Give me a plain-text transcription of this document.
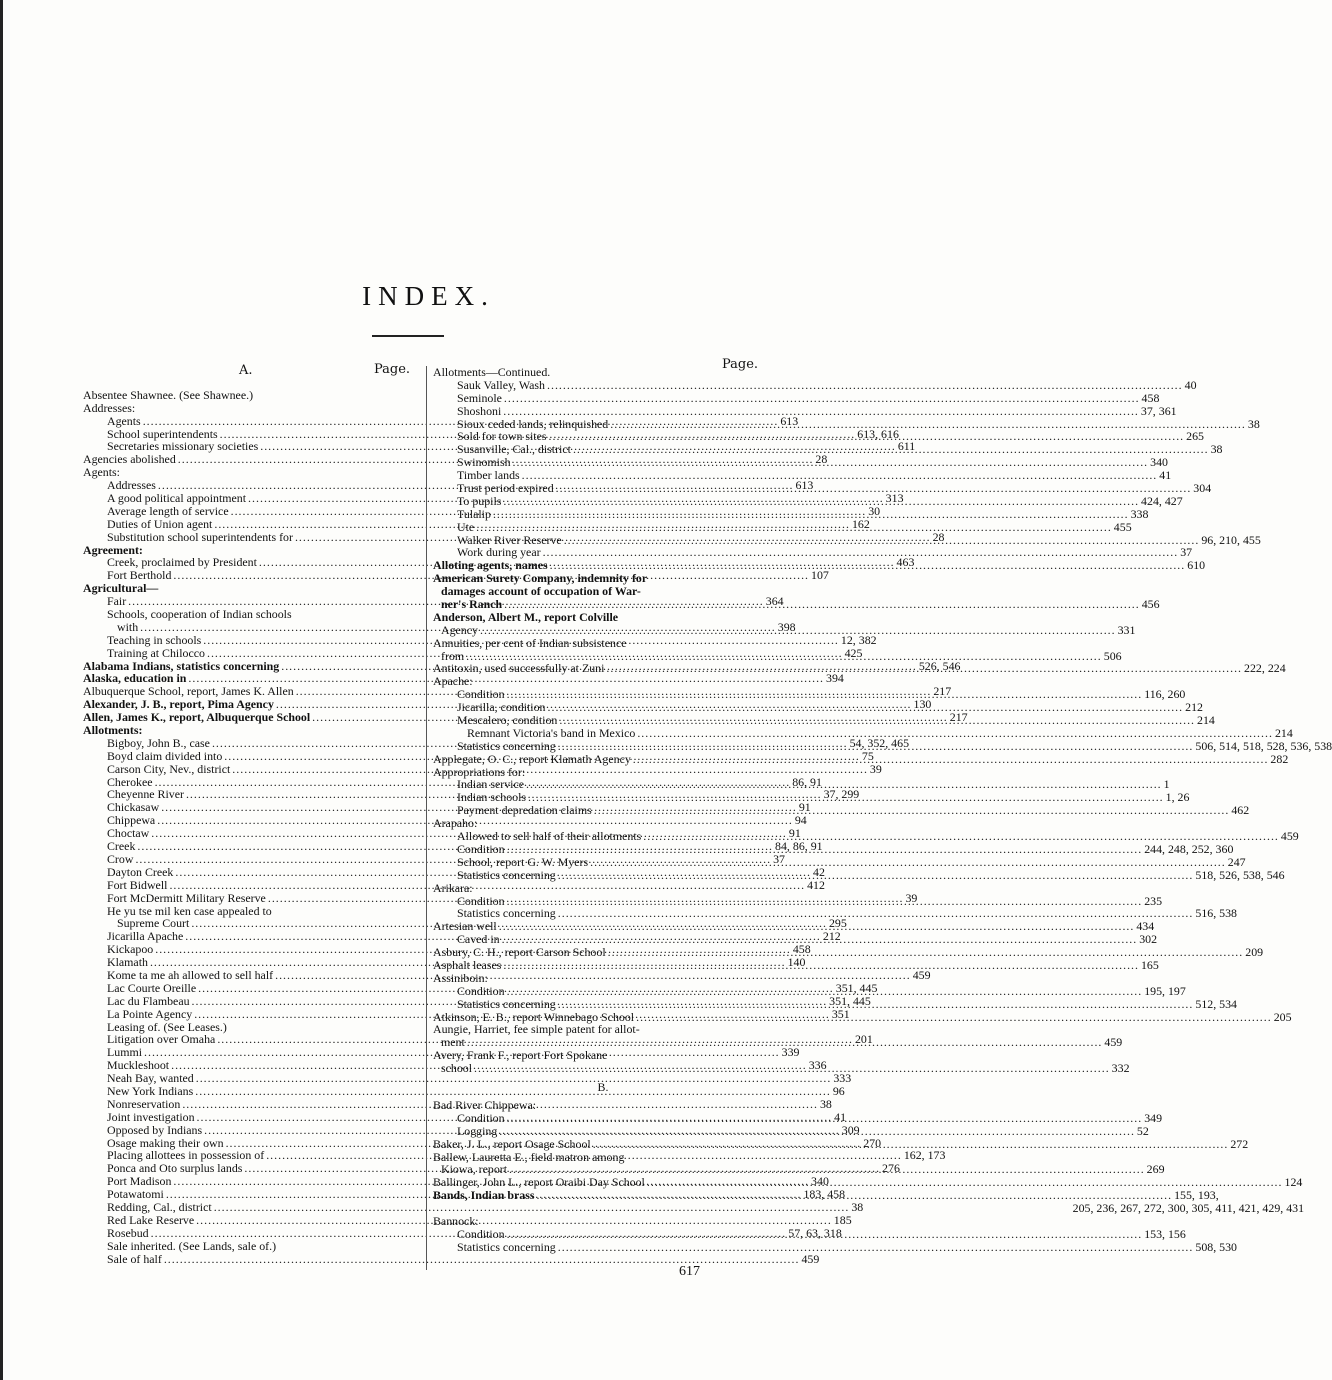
INDEX.
A.	Page.	Page.
Absentee Shawnee. (See Shawnee.)
Addresses:
Agents .....	613
School superintendents .....	613, 616
Secretaries missionary societies .....	611
Agencies abolished .....	28
Agents:
Addresses .....	613
A good political appointment .....	313
Average length of service .....	30
Duties of Union agent .....	162
Substitution school superintendents for .....	28
Agreement:
Creek, proclaimed by President .....	463
Fort Berthold .....	107
Agricultural—
Fair .....	364
Schools, cooperation of Indian schools
with .....	398
Teaching in schools .....	12, 382
Training at Chilocco .....	425
Alabama Indians, statistics concerning .....	526, 546
Alaska, education in .....	394
Albuquerque School, report, James K. Allen .....	217
Alexander, J. B., report, Pima Agency .....	130
Allen, James K., report, Albuquerque School .....	217
Allotments:
Bigboy, John B., case .....	54, 352, 465
Boyd claim divided into .....	75
Carson City, Nev., district .....	39
Cherokee .....	86, 91
Cheyenne River .....	37, 299
Chickasaw .....	91
Chippewa .....	94
Choctaw .....	91
Creek .....	84, 86, 91
Crow .....	37
Dayton Creek .....	42
Fort Bidwell .....	412
Fort McDermitt Military Reserve .....	39
He yu tse mil ken case appealed to
Supreme Court .....	295
Jicarilla Apache .....	212
Kickapoo .....	458
Klamath .....	140
Kome ta me ah allowed to sell half .....	459
Lac Courte Oreille .....	351, 445
Lac du Flambeau .....	351, 445
La Pointe Agency .....	351
Leasing of. (See Leases.)
Litigation over Omaha .....	201
Lummi .....	339
Muckleshoot .....	336
Neah Bay, wanted .....	333
New York Indians .....	96
Nonreservation .....	38
Joint investigation .....	41
Opposed by Indians .....	309
Osage making their own .....	270
Placing allottees in possession of .....	162, 173
Ponca and Oto surplus lands .....	276
Port Madison .....	340
Potawatomi .....	183, 458
Redding, Cal., district .....	38
Red Lake Reserve .....	185
Rosebud .....	57, 63, 318
Sale inherited. (See Lands, sale of.)
Sale of half .....	459
Allotments—Continued.
Sauk Valley, Wash .....	40
Seminole .....	458
Shoshoni .....	37, 361
Sioux ceded lands, relinquished .....	38
Sold for town sites .....	265
Susanville, Cal., district .....	38
Swinomish .....	340
Timber lands .....	41
Trust period expired .....	304
To pupils .....	424, 427
Tulalip .....	338
Ute .....	455
Walker River Reserve .....	96, 210, 455
Work during year .....	37
Alloting agents, names .....	610
American Surety Company, indemnity for
damages account of occupation of War-
ner's Ranch .....	456
Anderson, Albert M., report Colville
Agency .....	331
Annuities, per cent of Indian subsistence
from .....	506
Antitoxin, used successfully at Zuni .....	222, 224
Apache:
Condition .....	116, 260
Jicarilla, condition .....	212
Mescalero, condition .....	214
Remnant Victoria's band in Mexico .....	214
Statistics concerning .....	506, 514, 518, 528, 536, 538
Applegate, O. C., report Klamath Agency .....	282
Appropriations for:
Indian service .....	1
Indian schools .....	1, 26
Payment depredation claims .....	462
Arapaho:
Allowed to sell half of their allotments .....	459
Condition .....	244, 248, 252, 360
School, report G. W. Myers .....	247
Statistics concerning .....	518, 526, 538, 546
Arikara:
Condition .....	235
Statistics concerning .....	516, 538
Artesian well .....	434
Caved in .....	302
Asbury, C. H., report Carson School .....	209
Asphalt leases .....	165
Assiniboin:
Condition .....	195, 197
Statistics concerning .....	512, 534
Atkinson, E. B., report Winnebago School .....	205
Aungie, Harriet, fee simple patent for allot-
ment .....	459
Avery, Frank F., report Fort Spokane
school .....	332
B.
Bad River Chippewa:
Condition .....	349
Logging .....	52
Baker, J. L., report Osage School .....	272
Ballew, Lauretta E., field matron among
Kiowa, report .....	269
Ballinger, John L., report Oraibi Day School .....	124
Bands, Indian brass .....	155, 193,
205, 236, 267, 272, 300, 305, 411, 421, 429, 431
Bannock:
Condition .....	153, 156
Statistics concerning .....	508, 530
617
